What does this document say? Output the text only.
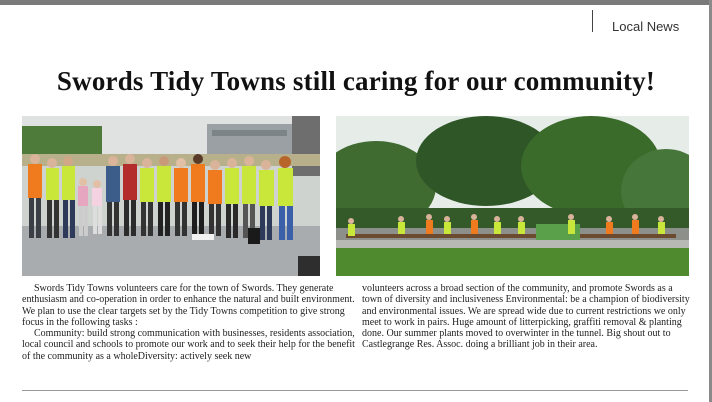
Local News
Swords Tidy Towns still caring for our community!

Swords Tidy Towns volunteers care for the town of Swords. They generate enthusiasm and co-operation in order to enhance the natural and built environment. We plan to use the clear targets set by the Tidy Towns competition to give strong focus in the following tasks :

Community: build strong communication with businesses, residents association, local council and schools to promote our work and to seek their help for the benefit of the community as a wholeDiversity: actively seek new

volunteers across a broad section of the community, and promote Swords as a town of diversity and inclusiveness Environmental: be a champion of biodiversity and environmental issues. We are spread wide due to current restrictions we only meet to work in pairs. Huge amount of litterpicking, graffiti removal & planting done. Our summer plants moved to overwinter in the tunnel. Big shout out to Castlegrange Res. Assoc. doing a brilliant job in their area.
